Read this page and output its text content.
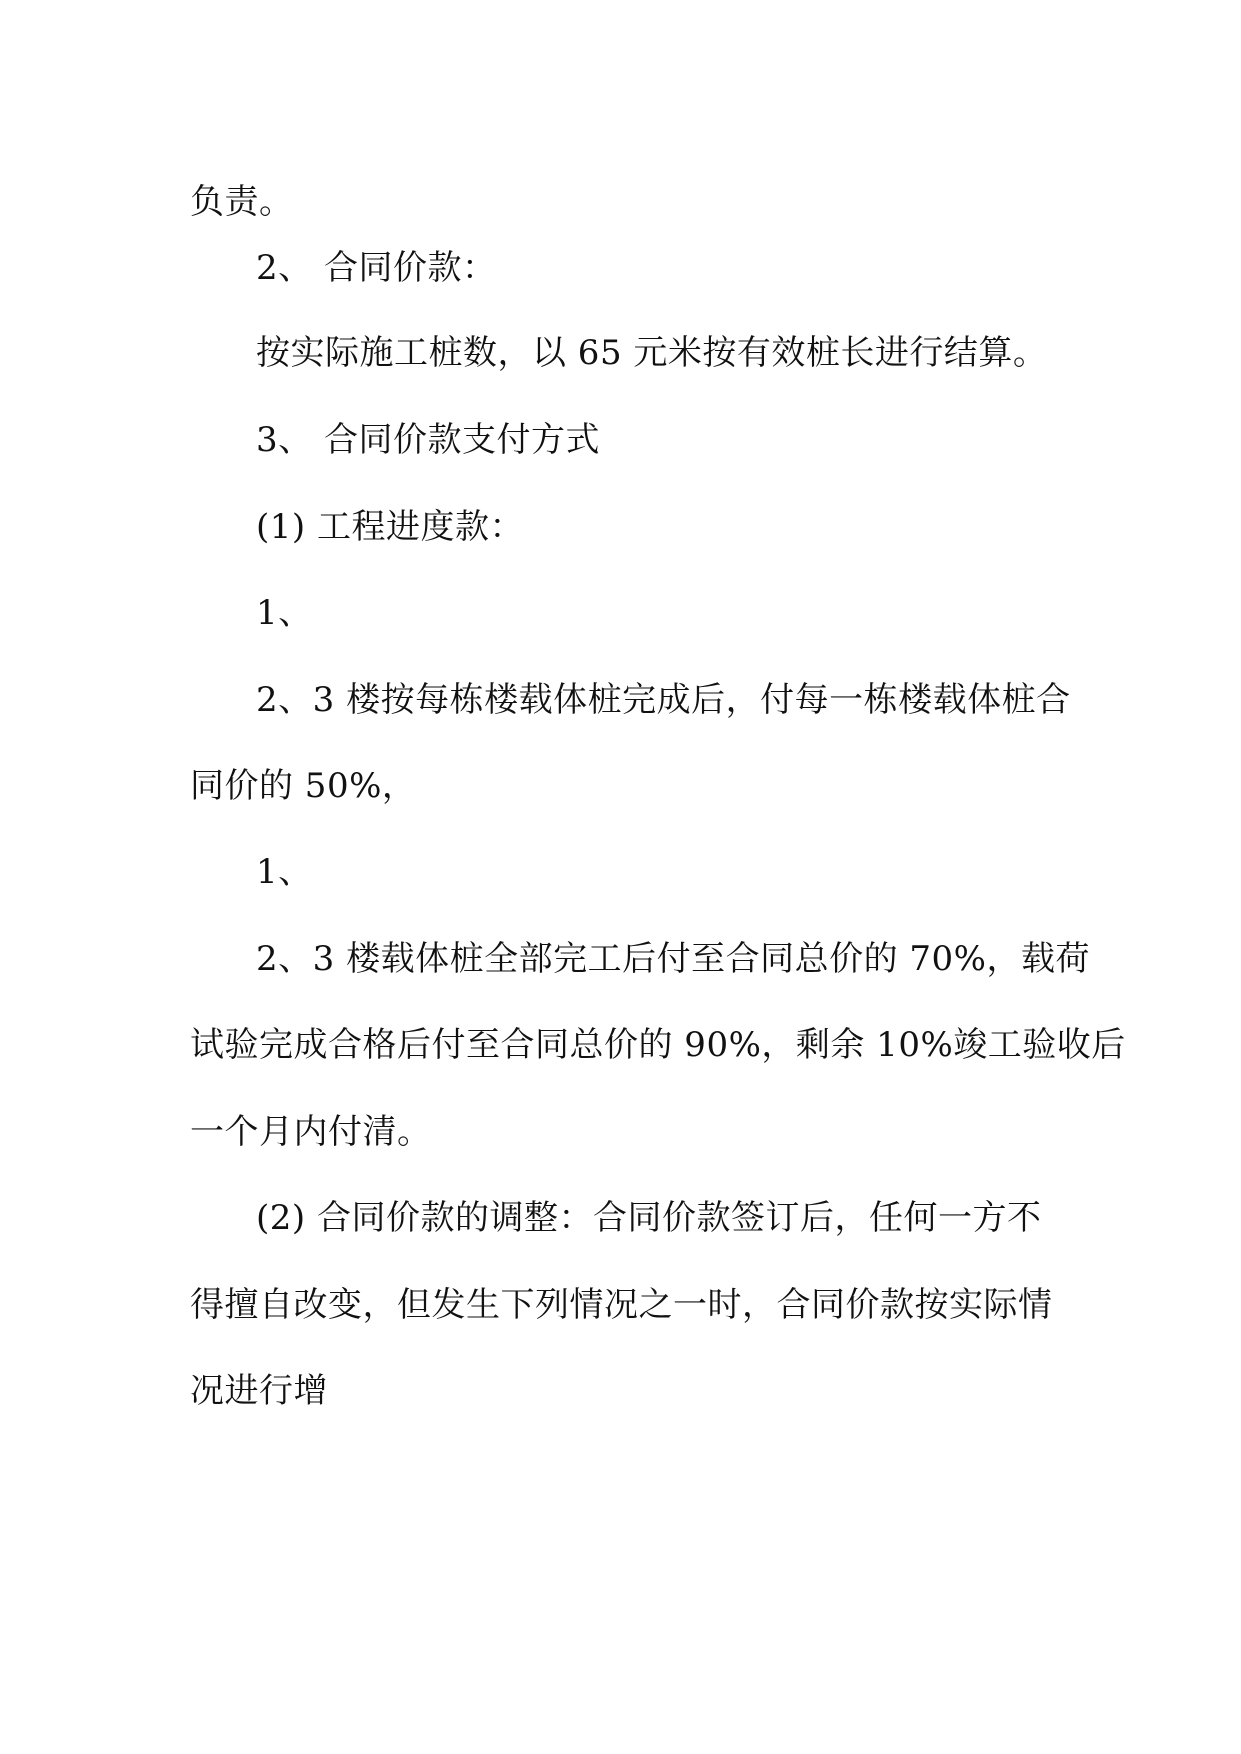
负责。

2、 合同价款：

按实际施工桩数，以 65 元米按有效桩长进行结算。

3、 合同价款支付方式

(1) 工程进度款：

1、

2、3 楼按每栋楼载体桩完成后，付每一栋楼载体桩合

同价的 50%，

1、

2、3 楼载体桩全部完工后付至合同总价的 70%，载荷

试验完成合格后付至合同总价的 90%，剩余 10%竣工验收后

一个月内付清。

(2) 合同价款的调整：合同价款签订后，任何一方不

得擅自改变，但发生下列情况之一时，合同价款按实际情

况进行增
